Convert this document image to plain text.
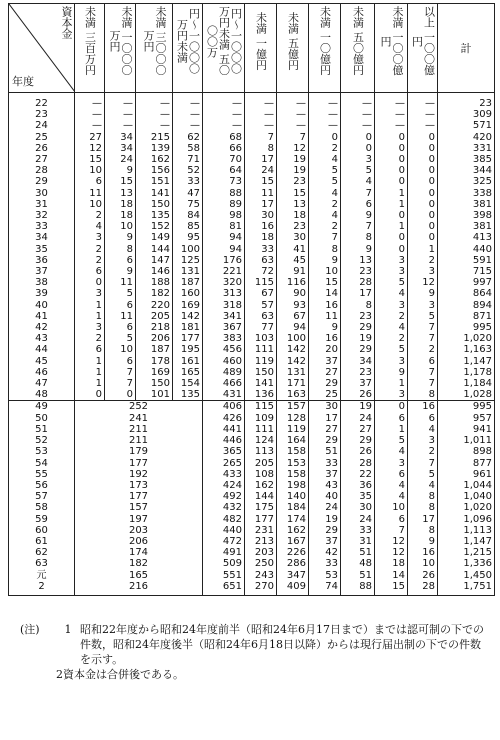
資本金
年度	未満 三百万円	未満 一〇〇〇万円	未満 三〇〇〇万円	円〜一〇〇〇万円未満	円〜一〇〇〇万円未満 五〇〇〇万	未満 一億円	未満 五億円	未満 一〇億円	未満 五〇億円	未満 一〇〇億円	以上 一〇〇億円	計

22	—	—	—	—	—	—	—	—	—	—	—	23
23	—	—	—	—	—	—	—	—	—	—	—	309
24	—	—	—	—	—	—	—	—	—	—	—	571
25	27	34	215	62	68	7	7	0	0	0	0	420
26	12	34	139	58	66	8	12	2	0	0	0	331
27	15	24	162	71	70	17	19	4	3	0	0	385
28	10	9	156	52	64	24	19	5	5	0	0	344
29	6	15	151	33	73	15	23	5	4	0	0	325
30	11	13	141	47	88	11	15	4	7	1	0	338
31	10	18	150	75	89	17	13	2	6	1	0	381
32	2	18	135	84	98	30	18	4	9	0	0	398
33	4	10	152	85	81	16	23	2	7	1	0	381
34	3	9	149	95	94	18	30	7	8	0	0	413
35	2	8	144	100	94	33	41	8	9	0	1	440
36	2	6	147	125	176	63	45	9	13	3	2	591
37	6	9	146	131	221	72	91	10	23	3	3	715
38	0	11	188	187	320	115	116	15	28	5	12	997
39	3	5	182	160	313	67	90	14	17	4	9	864
40	1	6	220	169	318	57	93	16	8	3	3	894
41	1	11	205	142	341	63	67	11	23	2	5	871
42	3	6	218	181	367	77	94	9	29	4	7	995
43	2	5	206	177	383	103	100	16	19	2	7	1,020
44	6	10	187	195	456	111	142	20	29	5	2	1,163
45	1	6	178	161	460	119	142	37	34	3	6	1,147
46	1	7	169	165	489	150	131	27	23	9	7	1,178
47	1	7	150	154	466	141	171	29	37	1	7	1,184
48	0	0	101	135	431	136	163	25	26	3	8	1,028
49	252				406	115	157	30	19	0	16	995
50	241				426	109	128	17	24	6	6	957
51	211				441	111	119	27	27	1	4	941
52	211				446	124	164	29	29	5	3	1,011
53	179				365	113	158	51	26	4	2	898
54	177				265	205	153	33	28	3	7	877
55	192				433	108	158	37	22	6	5	961
56	173				424	162	198	43	36	4	4	1,044
57	177				492	144	140	40	35	4	8	1,040
58	157				432	175	184	24	30	10	8	1,020
59	197				482	177	174	19	24	6	17	1,096
60	203				440	231	162	29	33	7	8	1,113
61	206				472	213	167	37	31	12	9	1,147
62	174				491	203	226	42	51	12	16	1,215
63	182				509	250	286	33	48	18	10	1,336
元	165				551	243	347	53	51	14	26	1,450
2	216				651	270	409	74	88	15	28	1,751
(注)	1 昭和22年度から昭和24年度前半（昭和24年6月17日まで）までは認可制の下での件数，昭和24年度後半（昭和24年6月18日以降）からは現行届出制の下での件数を示す。
2 資本金は合併後である。
